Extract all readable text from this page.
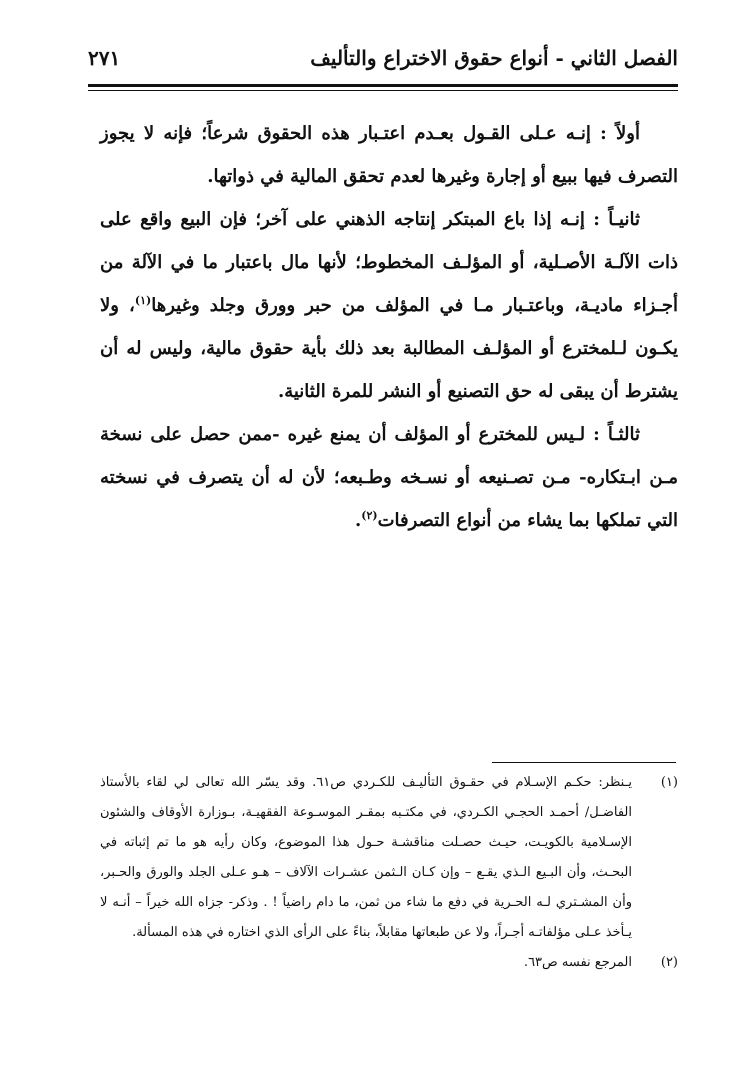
الفصل الثاني - أنواع حقوق الاختراع والتأليف
٢٧١

أولاً : إنـه عـلى القـول بعـدم اعتـبار هذه الحقوق شرعاً؛ فإنه لا يجوز التصرف فيها ببيع أو إجارة وغيرها لعدم تحقق المالية في ذواتها.

ثانيـاً : إنـه إذا باع المبتكر إنتاجه الذهني على آخر؛ فإن البيع واقع على ذات الآلـة الأصـلية، أو المؤلـف المخطوط؛ لأنها مال باعتبار ما في الآلة من أجـزاء ماديـة، وباعتـبار مـا في المؤلف من حبر وورق وجلد وغيرها$^{(١)}$، ولا يكـون لـلمخترع أو المؤلـف المطالبة بعد ذلك بأية حقوق مالية، وليس له أن يشترط أن يبقى له حق التصنيع أو النشر للمرة الثانية.

ثالثـاً : لـيس للمخترع أو المؤلف أن يمنع غيره -ممن حصل على نسخة مـن ابـتكاره- مـن تصـنيعه أو نسـخه وطـبعه؛ لأن له أن يتصرف في نسخته التي تملكها بما يشاء من أنواع التصرفات$^{(٢)}$.

(١)
يـنظر: حكـم الإسـلام في حقـوق التأليـف للكـردي ص٦١. وقد يسّر الله تعالى لي لقاء بالأستاذ الفاضـل/ أحمـد الحجـي الكـردي، في مكتـبه بمقـر الموسـوعة الفقهيـة، بـوزارة الأوقاف والشئون الإسـلامية بالكويـت، حيـث حصـلت مناقشـة حـول هذا الموضوع، وكان رأيه هو ما تم إثباته في البحـث، وأن البـيع الـذي يقـع – وإن كـان الـثمن عشـرات الآلاف – هـو عـلى الجلد والورق والحـبر، وأن المشـتري لـه الحـرية في دفع ما شاء من ثمن، ما دام راضياً ! . وذكر- جزاه الله خيراً – أنـه لا يـأخذ عـلى مؤلفاتـه أجـراً، ولا عن طبعاتها مقابلاً، بناءً على الرأى الذي اختاره في هذه المسألة.
(٢)
المرجع نفسه ص٦٣.
